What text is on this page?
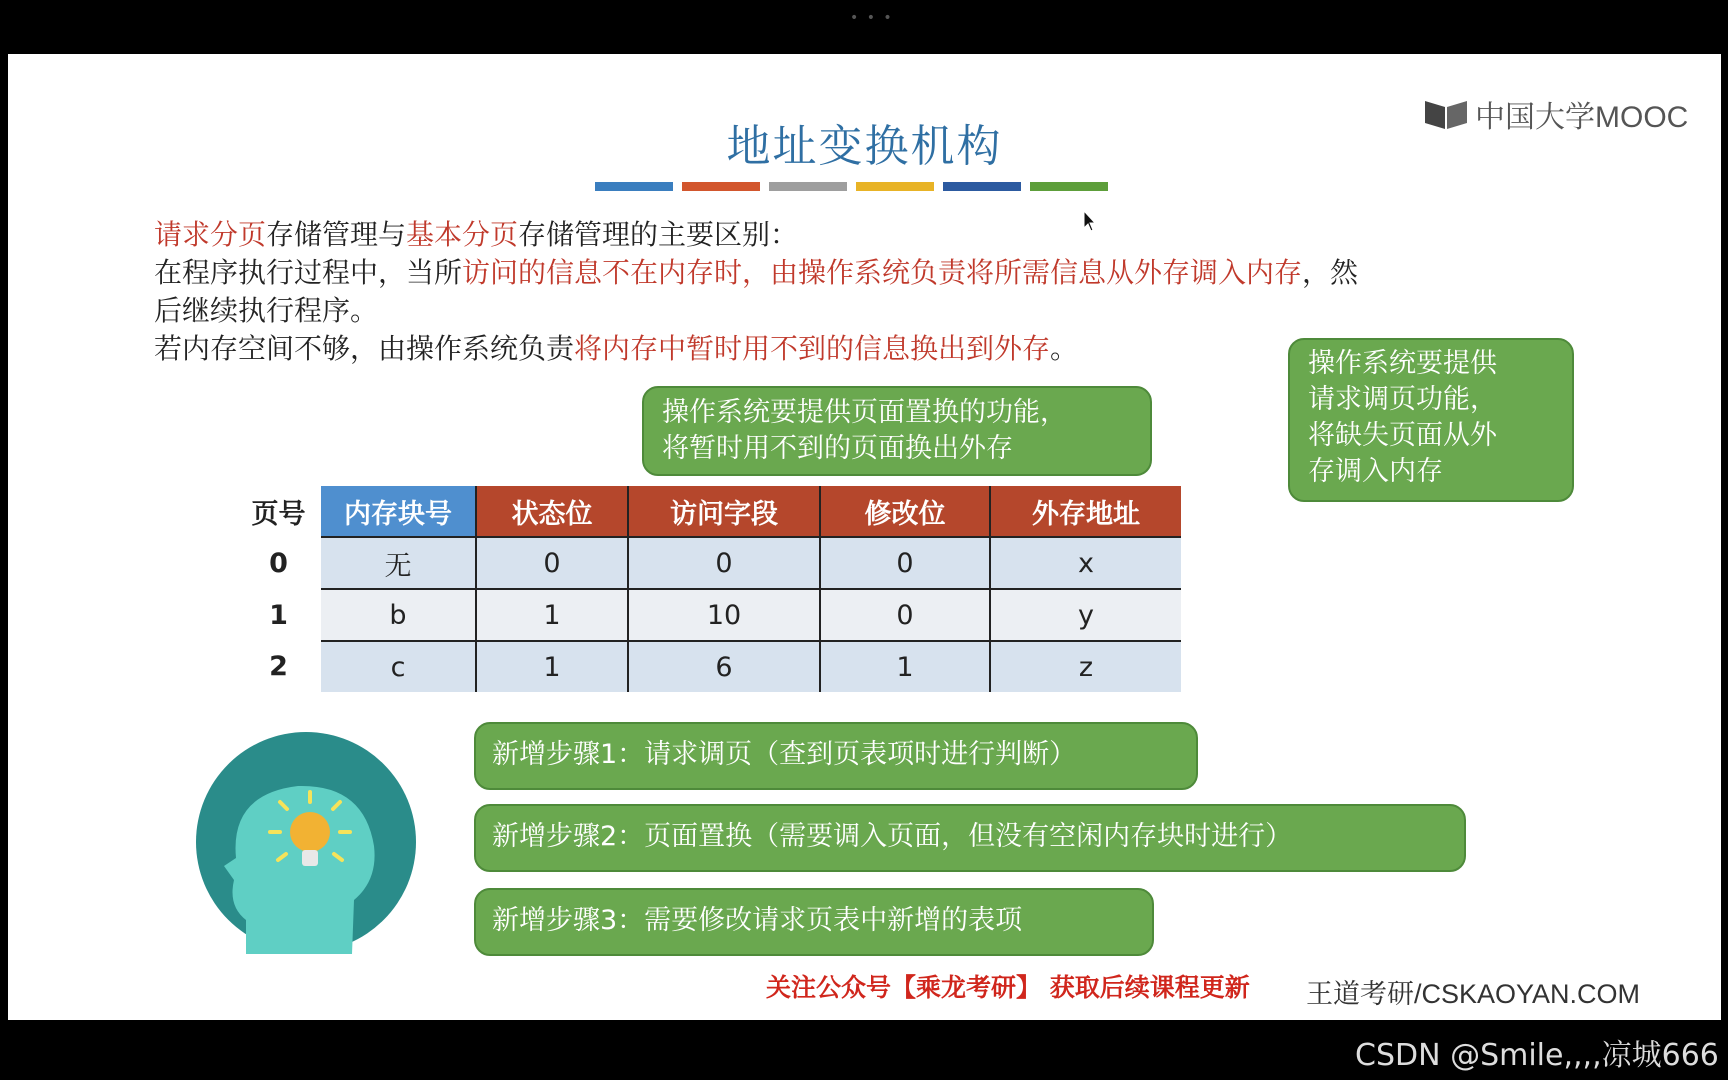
• • •
中国大学MOOC
地址变换机构
请求分页存储管理与基本分页存储管理的主要区别：
在程序执行过程中，当所访问的信息不在内存时，由操作系统负责将所需信息从外存调入内存，然
后继续执行程序。
若内存空间不够，由操作系统负责将内存中暂时用不到的信息换出到外存。	操作系统要提供
请求调页功能，
将缺失页面从外
存调入内存
操作系统要提供页面置换的功能，
将暂时用不到的页面换出外存
页号	内存块号	状态位	访问字段	修改位	外存地址
0	无	0	0	0	x
1	b	1	10	0	y
2	c	1	6	1	z
新增步骤1：请求调页（查到页表项时进行判断）
新增步骤2：页面置换（需要调入页面，但没有空闲内存块时进行）
新增步骤3：需要修改请求页表中新增的表项
关注公众号【乘龙考研】 获取后续课程更新 王道考研/CSKAOYAN.COM
CSDN @Smile,,,,凉城666
